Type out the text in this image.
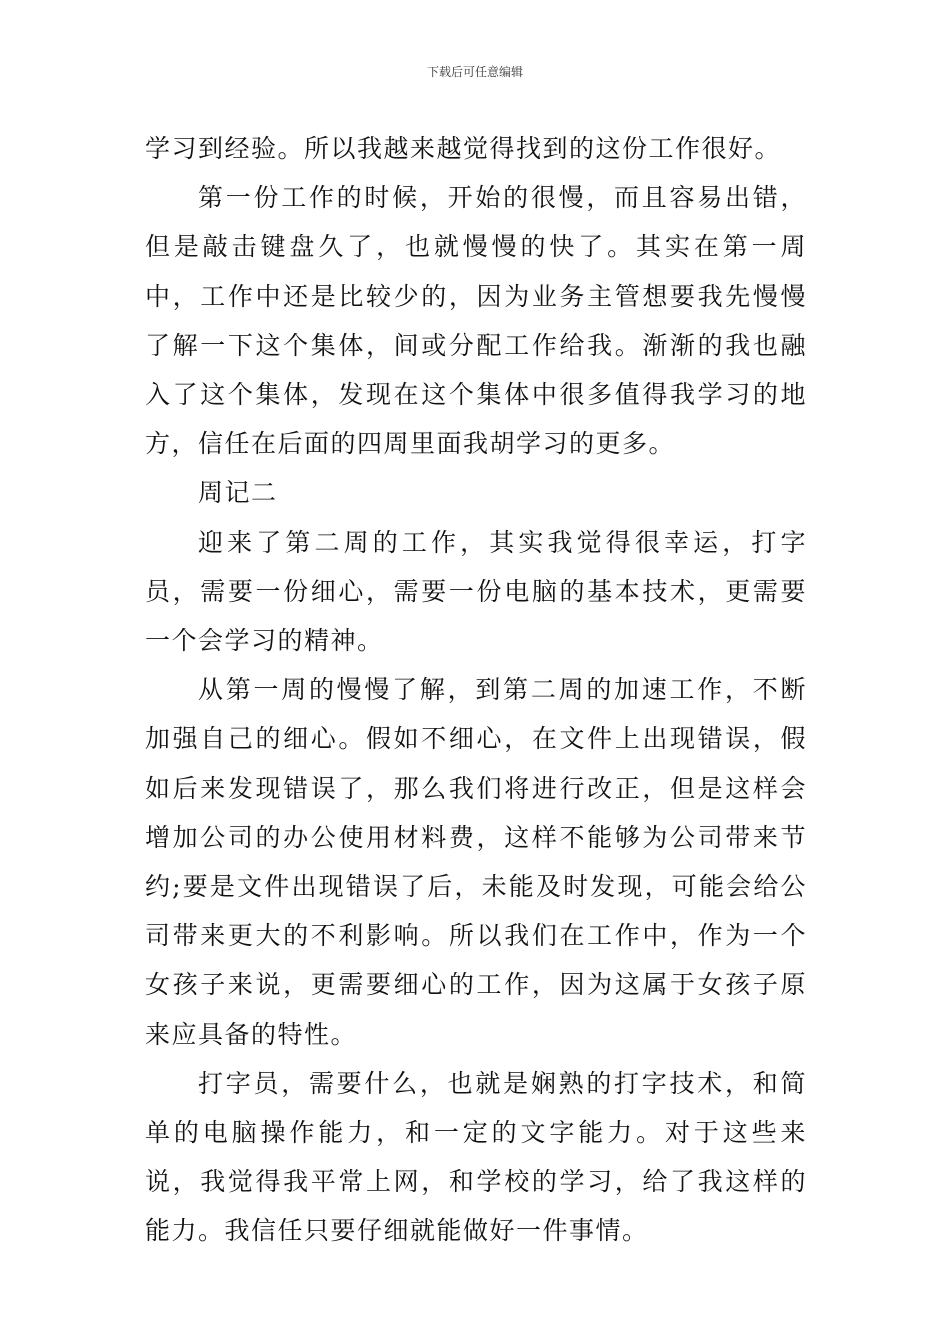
下载后可任意编辑

学习到经验。所以我越来越觉得找到的这份工作很好。

第一份工作的时候，开始的很慢，而且容易出错，但是敲击键盘久了，也就慢慢的快了。其实在第一周中，工作中还是比较少的，因为业务主管想要我先慢慢了解一下这个集体，间或分配工作给我。渐渐的我也融入了这个集体，发现在这个集体中很多值得我学习的地方，信任在后面的四周里面我胡学习的更多。

周记二

迎来了第二周的工作，其实我觉得很幸运，打字员，需要一份细心，需要一份电脑的基本技术，更需要一个会学习的精神。

从第一周的慢慢了解，到第二周的加速工作，不断加强自己的细心。假如不细心，在文件上出现错误，假如后来发现错误了，那么我们将进行改正，但是这样会增加公司的办公使用材料费，这样不能够为公司带来节约;要是文件出现错误了后，未能及时发现，可能会给公司带来更大的不利影响。所以我们在工作中，作为一个女孩子来说，更需要细心的工作，因为这属于女孩子原来应具备的特性。

打字员，需要什么，也就是娴熟的打字技术，和简单的电脑操作能力，和一定的文字能力。对于这些来说，我觉得我平常上网，和学校的学习，给了我这样的能力。我信任只要仔细就能做好一件事情。
